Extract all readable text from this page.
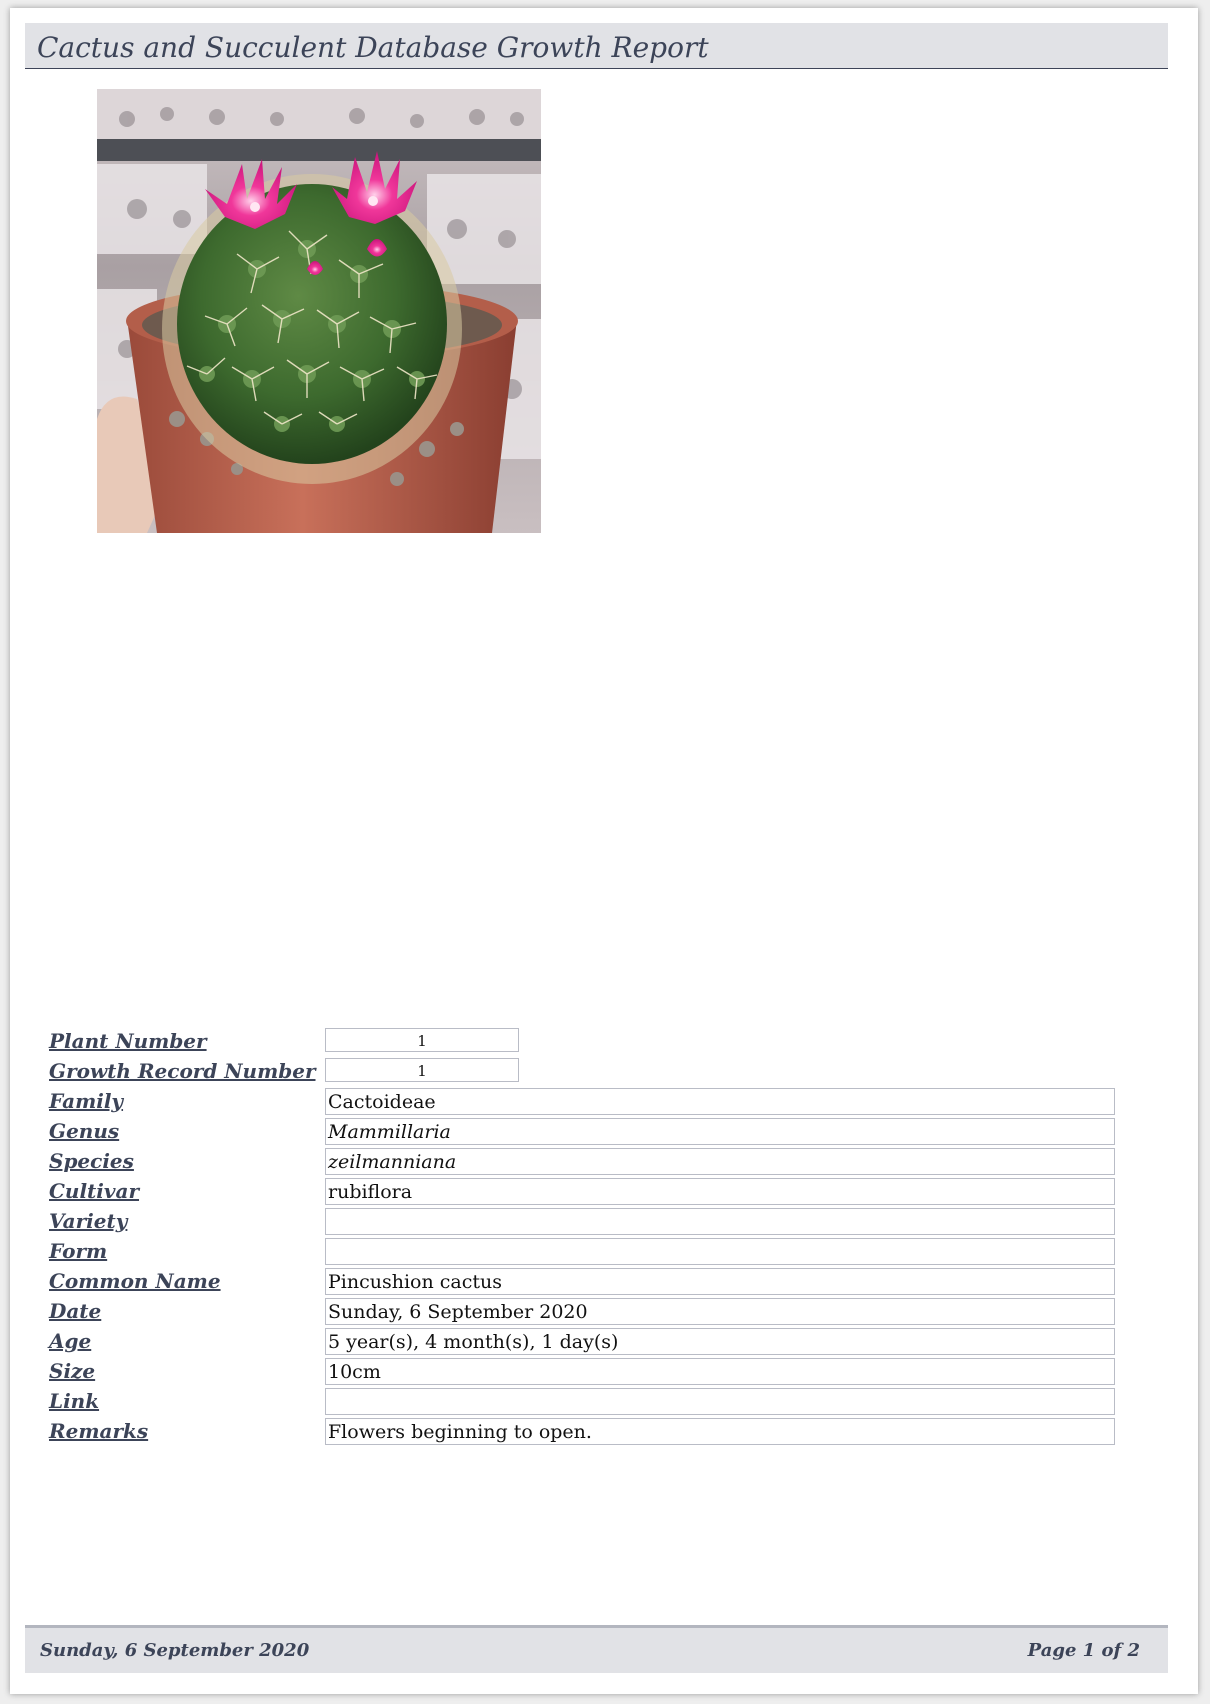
Cactus and Succulent Database Growth Report
Plant Number	1
Growth Record Number	1
Family	Cactoideae
Genus	Mammillaria
Species	zeilmanniana
Cultivar	rubiflora
Variety
Form
Common Name	Pincushion cactus
Date	Sunday, 6 September 2020
Age	5 year(s), 4 month(s), 1 day(s)
Size	10cm
Link
Remarks	Flowers beginning to open.
Sunday, 6 September 2020	Page 1 of 2
